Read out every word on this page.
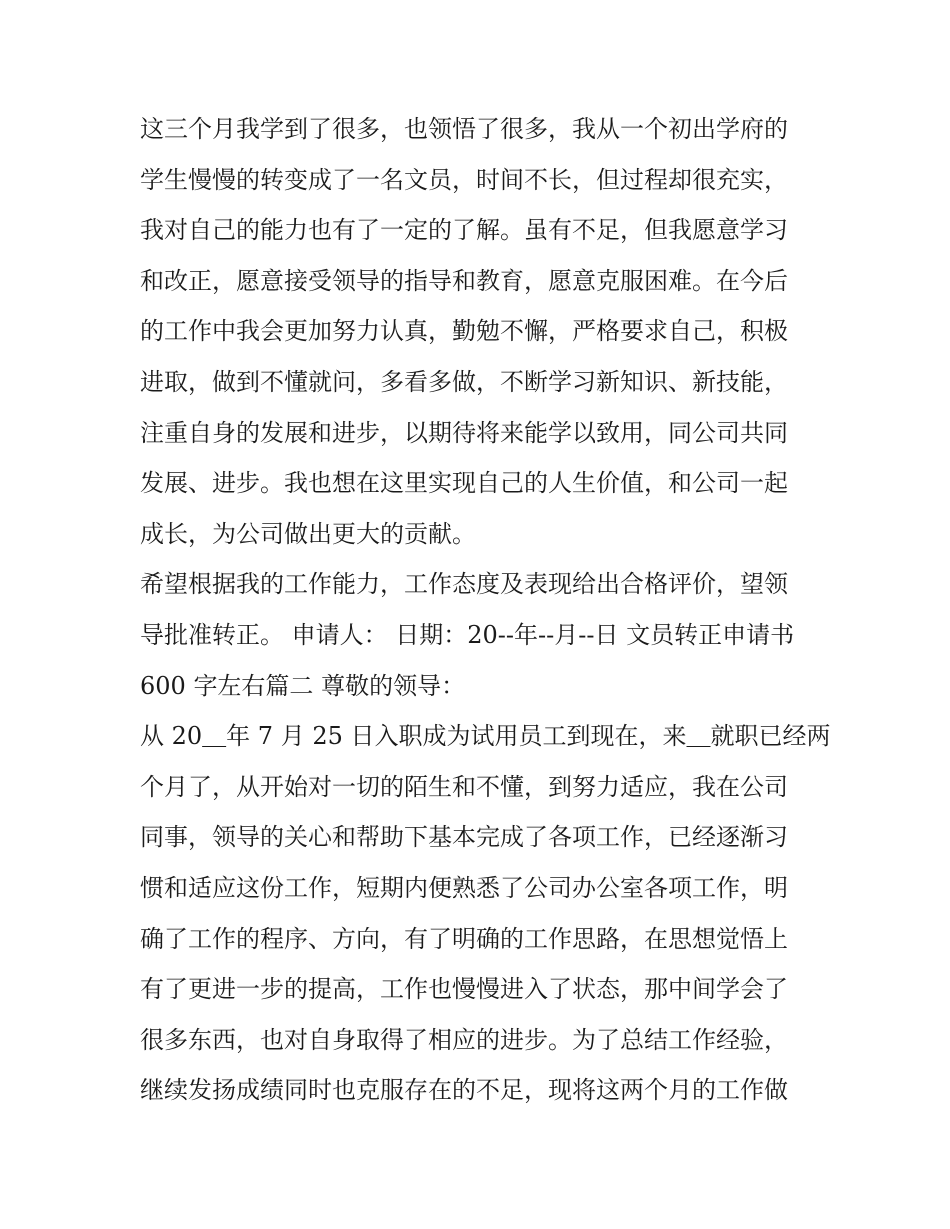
这三个月我学到了很多，也领悟了很多，我从一个初出学府的
学生慢慢的转变成了一名文员，时间不长，但过程却很充实，
我对自己的能力也有了一定的了解。虽有不足，但我愿意学习
和改正，愿意接受领导的指导和教育，愿意克服困难。在今后
的工作中我会更加努力认真，勤勉不懈，严格要求自己，积极
进取，做到不懂就问，多看多做，不断学习新知识、新技能，
注重自身的发展和进步，以期待将来能学以致用，同公司共同
发展、进步。我也想在这里实现自己的人生价值，和公司一起
成长，为公司做出更大的贡献。
希望根据我的工作能力，工作态度及表现给出合格评价，望领
导批准转正。 申请人： 日期：20--年--月--日 文员转正申请书
600 字左右篇二 尊敬的领导：
从 20＿年 7 月 25 日入职成为试用员工到现在，来＿就职已经两
个月了，从开始对一切的陌生和不懂，到努力适应，我在公司
同事，领导的关心和帮助下基本完成了各项工作，已经逐渐习
惯和适应这份工作，短期内便熟悉了公司办公室各项工作，明
确了工作的程序、方向，有了明确的工作思路，在思想觉悟上
有了更进一步的提高，工作也慢慢进入了状态，那中间学会了
很多东西，也对自身取得了相应的进步。为了总结工作经验，
继续发扬成绩同时也克服存在的不足，现将这两个月的工作做
